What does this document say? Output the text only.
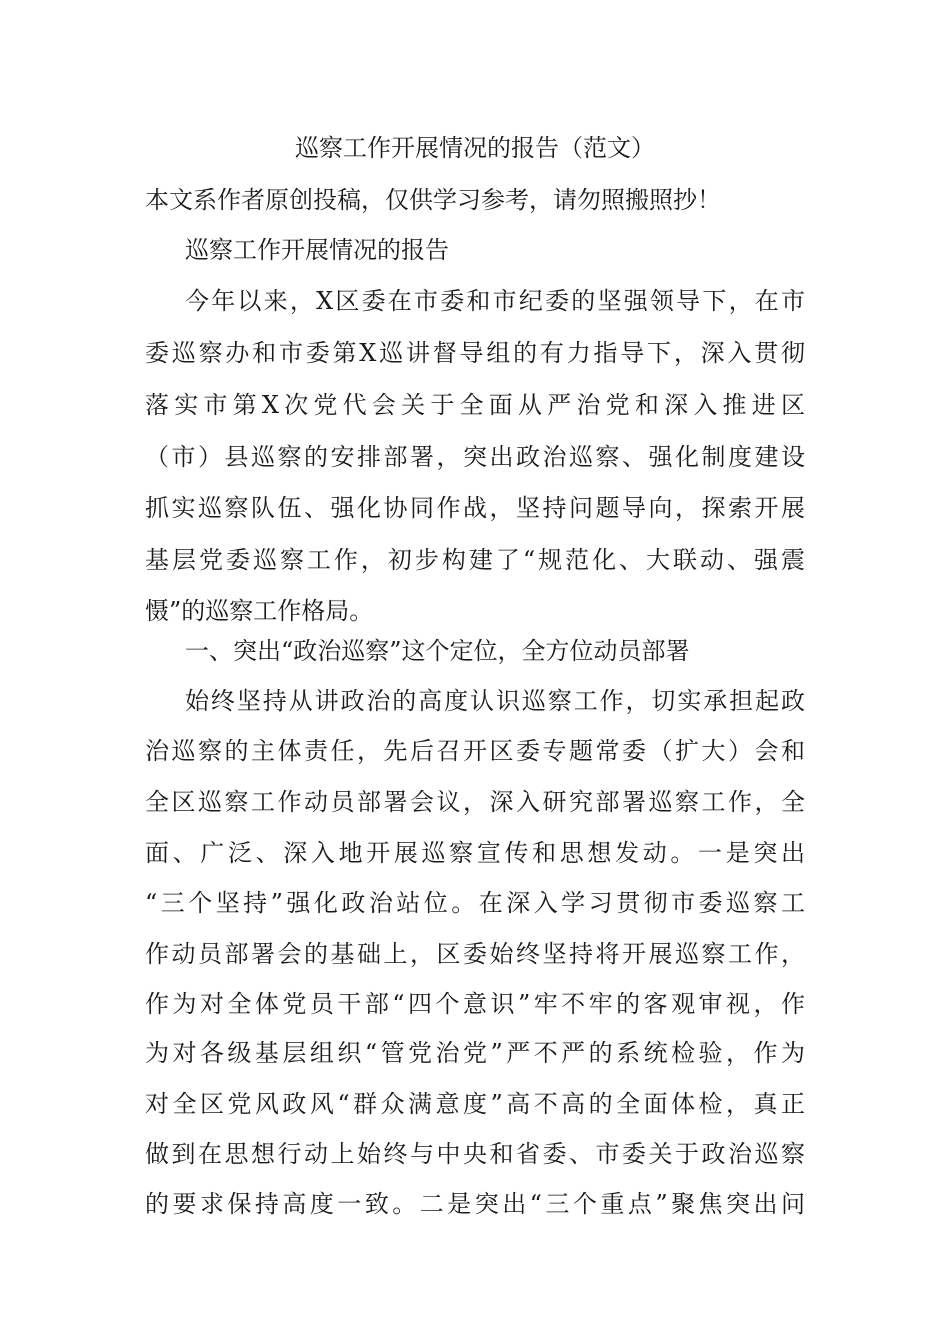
巡察工作开展情况的报告（范文）
本文系作者原创投稿，仅供学习参考，请勿照搬照抄！
巡察工作开展情况的报告
今年以来，X区委在市委和市纪委的坚强领导下，在市
委巡察办和市委第X巡讲督导组的有力指导下，深入贯彻
落实市第X次党代会关于全面从严治党和深入推进区
（市）县巡察的安排部署，突出政治巡察、强化制度建设
抓实巡察队伍、强化协同作战，坚持问题导向，探索开展
基层党委巡察工作，初步构建了“规范化、大联动、强震
慑”的巡察工作格局。
一、突出“政治巡察”这个定位，全方位动员部署
始终坚持从讲政治的高度认识巡察工作，切实承担起政
治巡察的主体责任，先后召开区委专题常委（扩大）会和
全区巡察工作动员部署会议，深入研究部署巡察工作，全
面、广泛、深入地开展巡察宣传和思想发动。一是突出
“三个坚持”强化政治站位。在深入学习贯彻市委巡察工
作动员部署会的基础上，区委始终坚持将开展巡察工作，
作为对全体党员干部“四个意识”牢不牢的客观审视，作
为对各级基层组织“管党治党”严不严的系统检验，作为
对全区党风政风“群众满意度”高不高的全面体检，真正
做到在思想行动上始终与中央和省委、市委关于政治巡察
的要求保持高度一致。二是突出“三个重点”聚焦突出问
